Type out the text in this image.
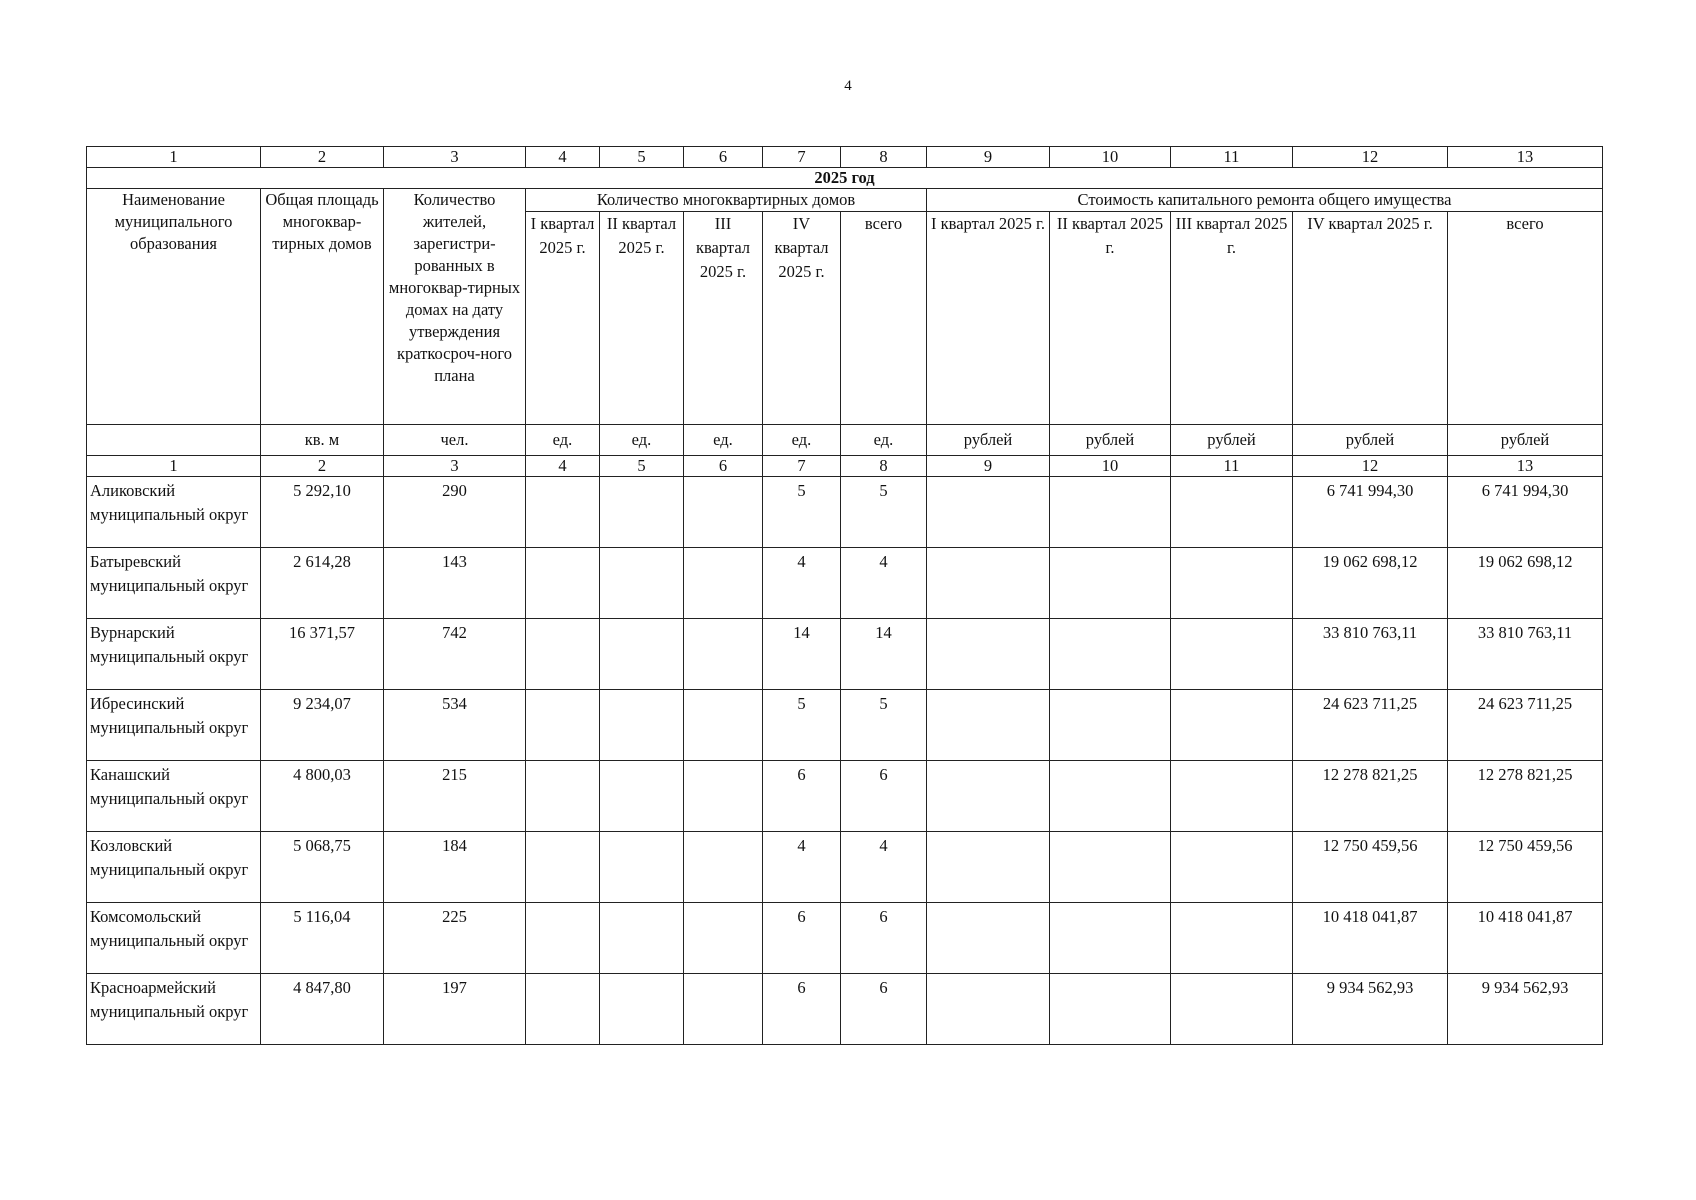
4
1	2	3	4	5	6	7	8	9	10	11	12	13
2025 год												
Наименование муниципального образования	Общая площадь многоквар-тирных домов	Количество жителей, зарегистри-рованных в многоквар-тирных домах на дату утверждения краткосроч-ного плана	Количество многоквартирных домов					Стоимость капитального ремонта общего имущества				
			I квартал 2025 г.	II квартал 2025 г.	III квартал 2025 г.	IV квартал 2025 г.	всего	I квартал 2025 г.	II квартал 2025 г.	III квартал 2025 г.	IV квартал 2025 г.	всего
	кв. м	чел.	ед.	ед.	ед.	ед.	ед.	рублей	рублей	рублей	рублей	рублей
1	2	3	4	5	6	7	8	9	10	11	12	13
Аликовский муниципальный округ	5 292,10	290				5	5				6 741 994,30	6 741 994,30
Батыревский муниципальный округ	2 614,28	143				4	4				19 062 698,12	19 062 698,12
Вурнарский муниципальный округ	16 371,57	742				14	14				33 810 763,11	33 810 763,11
Ибресинский муниципальный округ	9 234,07	534				5	5				24 623 711,25	24 623 711,25
Канашский муниципальный округ	4 800,03	215				6	6				12 278 821,25	12 278 821,25
Козловский муниципальный округ	5 068,75	184				4	4				12 750 459,56	12 750 459,56
Комсомольский муниципальный округ	5 116,04	225				6	6				10 418 041,87	10 418 041,87
Красноармейский муниципальный округ	4 847,80	197				6	6				9 934 562,93	9 934 562,93
